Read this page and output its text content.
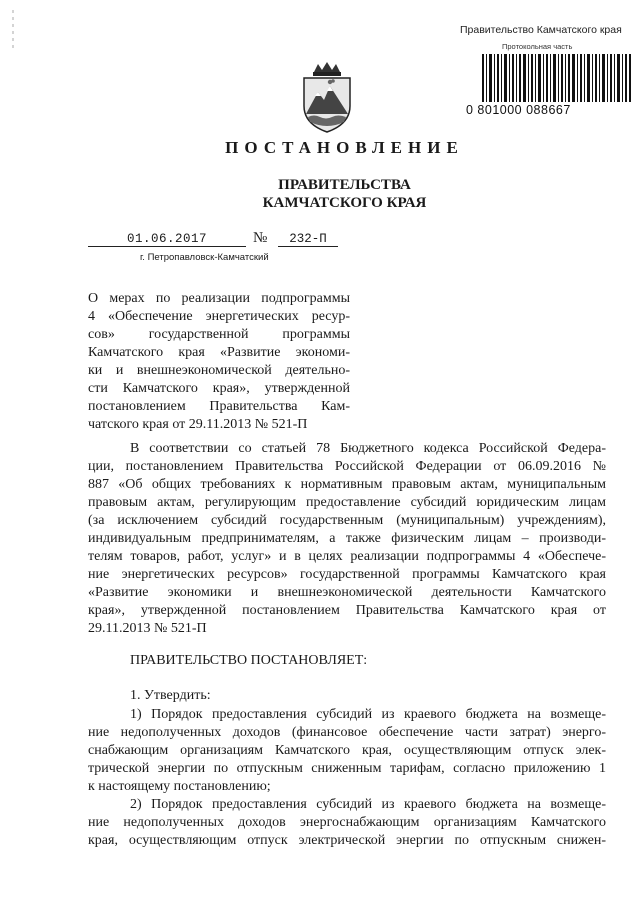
Правительство Камчатского края
Протокольная часть
0 801000 088667
ПОСТАНОВЛЕНИЕ
ПРАВИТЕЛЬСТВА
КАМЧАТСКОГО КРАЯ
01.06.2017	№	232-П
г. Петропавловск-Камчатский
О мерах по реализации подпрограммы
4 «Обеспечение энергетических ресур-
сов» государственной программы
Камчатского края «Развитие экономи-
ки и внешнеэкономической деятельно-
сти Камчатского края», утвержденной
постановлением Правительства Кам-
чатского края от 29.11.2013 № 521-П
В соответствии со статьей 78 Бюджетного кодекса Российской Федера-
ции, постановлением Правительства Российской Федерации от 06.09.2016 №
887 «Об общих требованиях к нормативным правовым актам, муниципальным
правовым актам, регулирующим предоставление субсидий юридическим лицам
(за исключением субсидий государственным (муниципальным) учреждениям),
индивидуальным предпринимателям, а также физическим лицам – производи-
телям товаров, работ, услуг» и в целях реализации подпрограммы 4 «Обеспече-
ние энергетических ресурсов» государственной программы Камчатского края
«Развитие экономики и внешнеэкономической деятельности Камчатского
края», утвержденной постановлением Правительства Камчатского края от
29.11.2013 № 521-П
ПРАВИТЕЛЬСТВО ПОСТАНОВЛЯЕТ:
1. Утвердить:
1) Порядок предоставления субсидий из краевого бюджета на возмеще-
ние недополученных доходов (финансовое обеспечение части затрат) энерго-
снабжающим организациям Камчатского края, осуществляющим отпуск элек-
трической энергии по отпускным сниженным тарифам, согласно приложению 1
к настоящему постановлению;
2) Порядок предоставления субсидий из краевого бюджета на возмеще-
ние недополученных доходов энергоснабжающим организациям Камчатского
края, осуществляющим отпуск электрической энергии по отпускным снижен-
